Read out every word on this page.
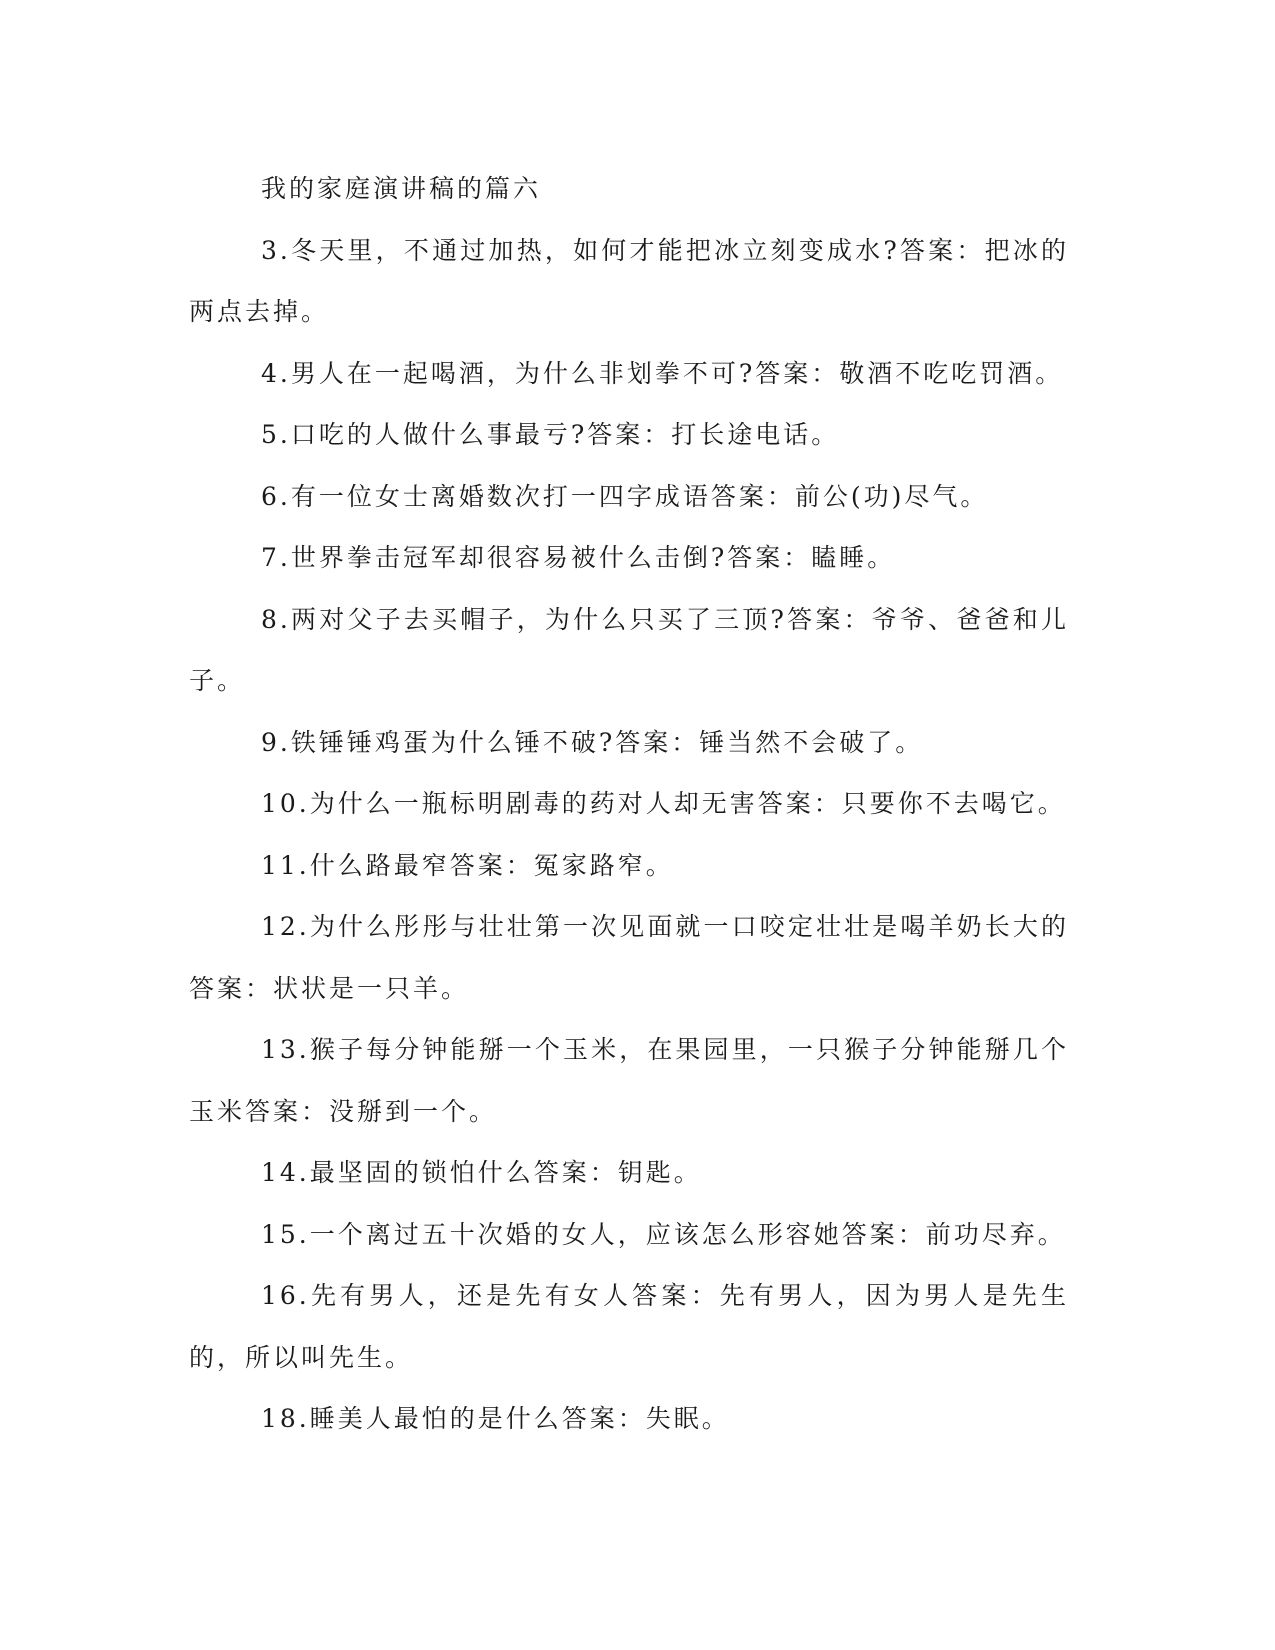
我的家庭演讲稿的篇六

3.冬天里，不通过加热，如何才能把冰立刻变成水?答案：把冰的两点去掉。

4.男人在一起喝酒，为什么非划拳不可?答案：敬酒不吃吃罚酒。

5.口吃的人做什么事最亏?答案：打长途电话。

6.有一位女士离婚数次打一四字成语答案：前公(功)尽气。

7.世界拳击冠军却很容易被什么击倒?答案：瞌睡。

8.两对父子去买帽子，为什么只买了三顶?答案：爷爷、爸爸和儿子。

9.铁锤锤鸡蛋为什么锤不破?答案：锤当然不会破了。

10.为什么一瓶标明剧毒的药对人却无害答案：只要你不去喝它。

11.什么路最窄答案：冤家路窄。

12.为什么彤彤与壮壮第一次见面就一口咬定壮壮是喝羊奶长大的答案：状状是一只羊。

13.猴子每分钟能掰一个玉米，在果园里，一只猴子分钟能掰几个玉米答案：没掰到一个。

14.最坚固的锁怕什么答案：钥匙。

15.一个离过五十次婚的女人，应该怎么形容她答案：前功尽弃。

16.先有男人，还是先有女人答案：先有男人，因为男人是先生的，所以叫先生。

18.睡美人最怕的是什么答案：失眠。
